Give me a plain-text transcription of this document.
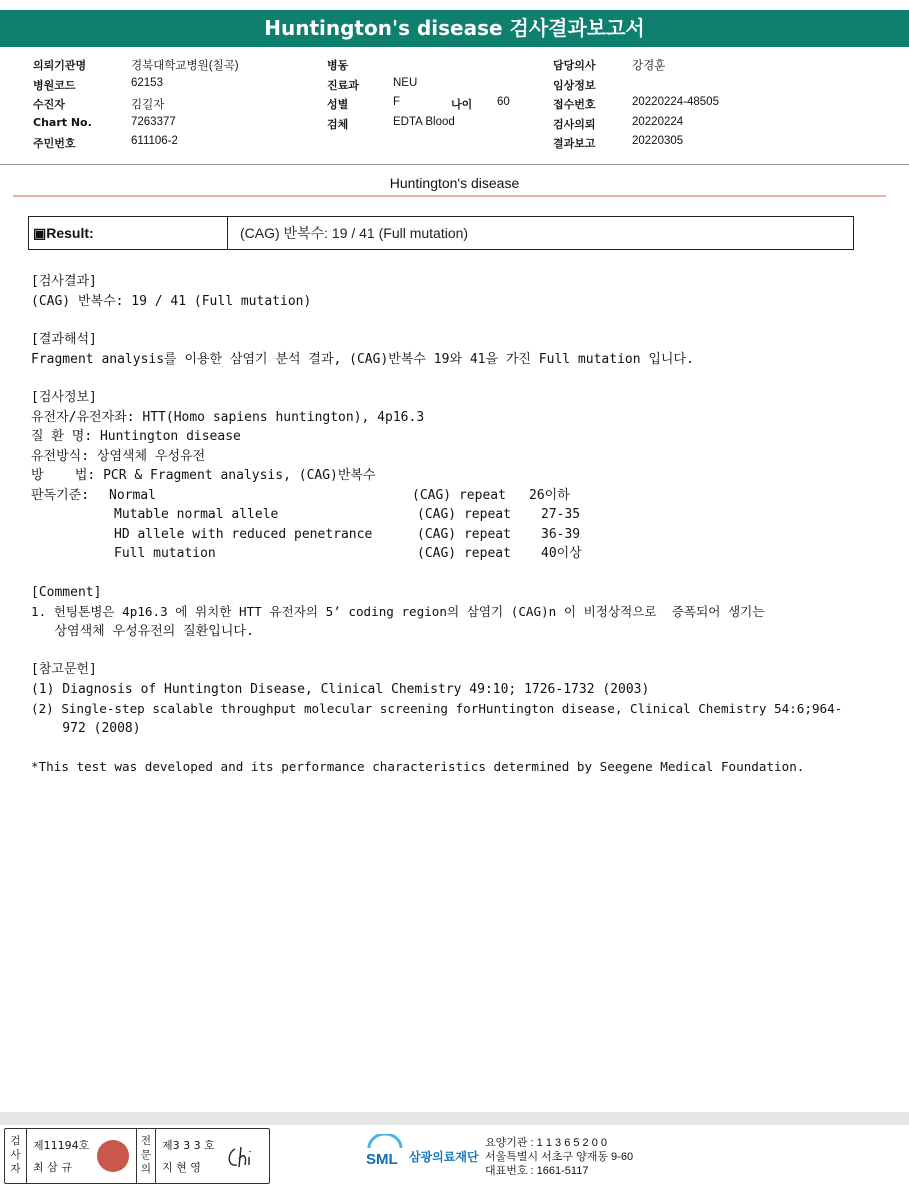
Huntington's disease 검사결과보고서
의뢰기관명	경북대학교병원(칠곡)
병원코드	62153
수진자	김길자
Chart No.	7263377
주민번호	611106-2
병동
진료과	NEU
성별	F	나이 60
검체	EDTA Blood
담당의사	강경훈
임상정보
접수번호	20220224-48505
검사의뢰	20220224
결과보고	20220305
Huntington's disease
▣Result:	(CAG) 반복수: 19 / 41 (Full mutation)
[검사결과]
(CAG) 반복수: 19 / 41 (Full mutation)
[결과해석]
Fragment analysis를 이용한 삼염기 분석 결과, (CAG)반복수 19와 41을 가진 Full mutation 입니다.
[검사정보]
유전자/유전자좌: HTT(Homo sapiens huntington), 4p16.3
질 환 명: Huntington disease
유전방식: 상염색체 우성유전
방    법: PCR & Fragment analysis, (CAG)반복수
판독기준: Normal	(CAG) repeat 26이하
Mutable normal allele	(CAG) repeat 27-35
HD allele with reduced penetrance	(CAG) repeat 36-39
Full mutation	(CAG) repeat 40이상
[Comment]
1. 헌팅톤병은 4p16.3 에 위치한 HTT 유전자의 5’ coding region의 삼염기 (CAG)n 이 비정상적으로  증폭되어 생기는
상염색체 우성유전의 질환입니다.
[참고문헌]
(1) Diagnosis of Huntington Disease, Clinical Chemistry 49:10; 1726-1732 (2003)
(2) Single-step scalable throughput molecular screening forHuntington disease, Clinical Chemistry 54:6;964-
972 (2008)
*This test was developed and its performance characteristics determined by Seegene Medical Foundation.
검사자
제11194호
최 삼 규
전문의
제3 3 3 호
지 현 영	SML 삼광의료재단
요양기관 : 1 1 3 6 5 2 0 0
서울특별시 서초구 양재동 9-60
대표번호 : 1661-5117
